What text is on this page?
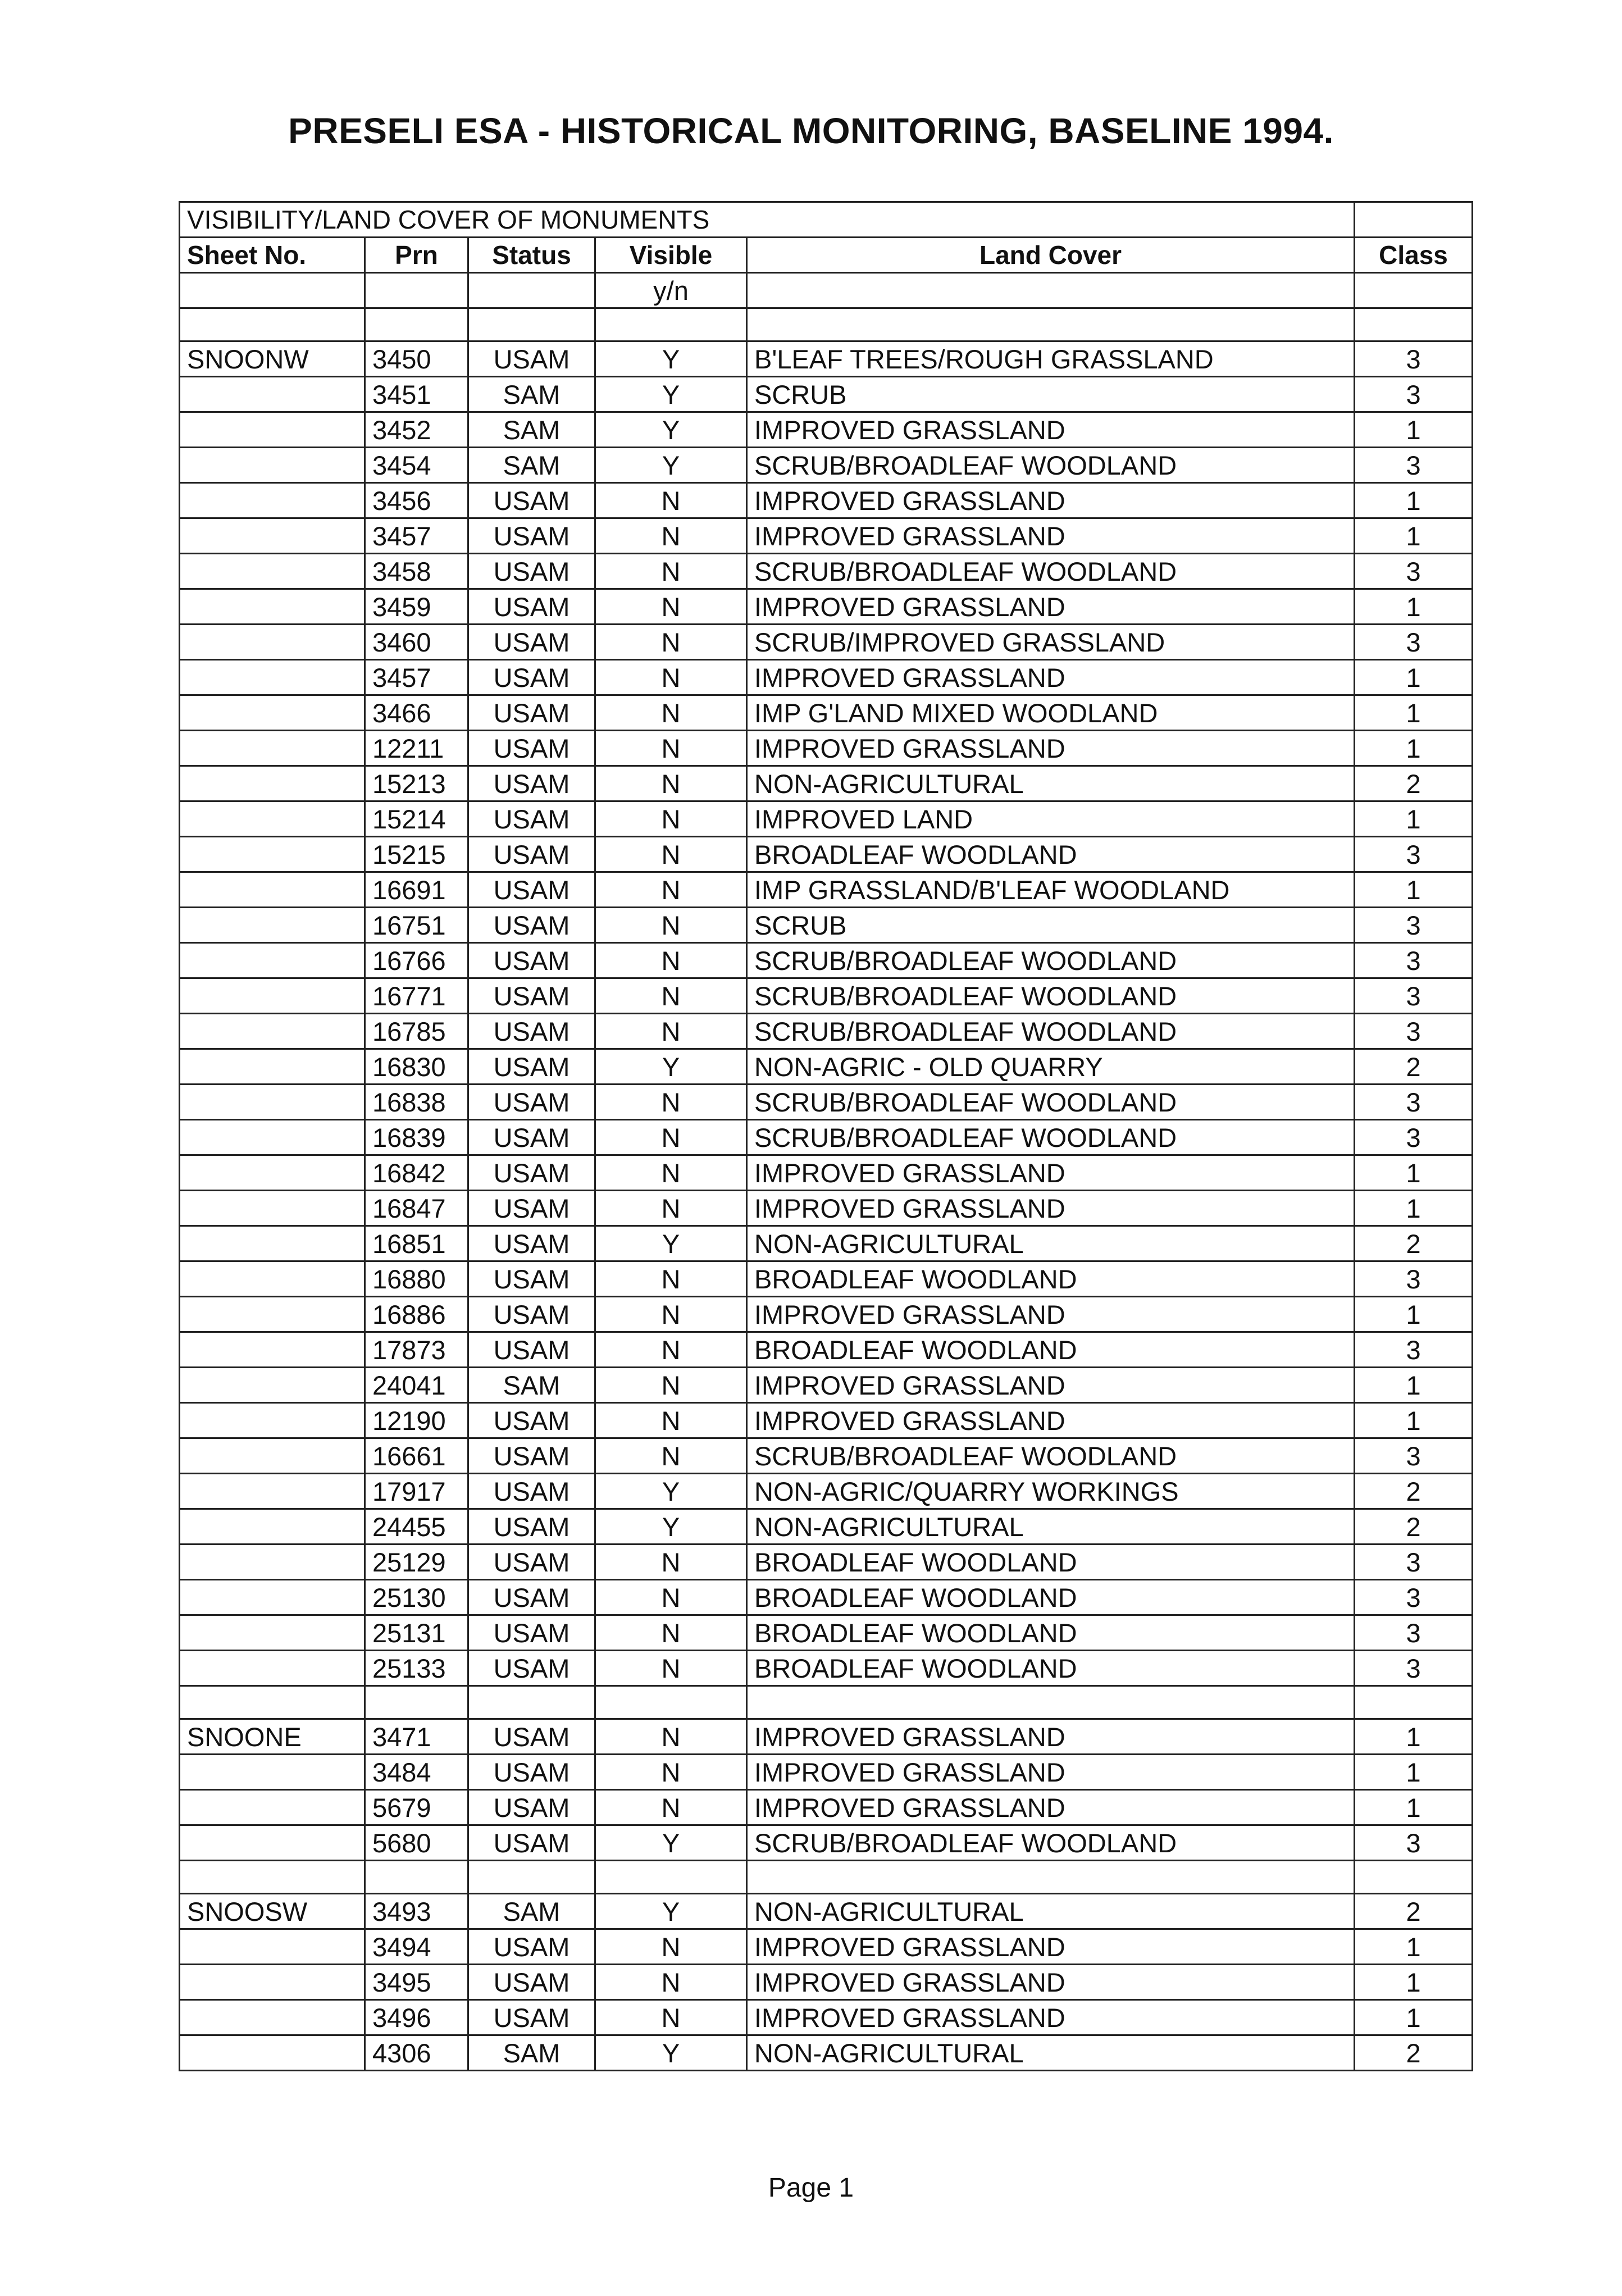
PRESELI ESA - HISTORICAL MONITORING, BASELINE 1994.
VISIBILITY/LAND COVER OF MONUMENTS					
Sheet No.	Prn	Status	Visible	Land Cover	Class
			y/n		

SNOONW	3450	USAM	Y	B'LEAF TREES/ROUGH GRASSLAND	3
	3451	SAM	Y	SCRUB	3
	3452	SAM	Y	IMPROVED GRASSLAND	1
	3454	SAM	Y	SCRUB/BROADLEAF WOODLAND	3
	3456	USAM	N	IMPROVED GRASSLAND	1
	3457	USAM	N	IMPROVED GRASSLAND	1
	3458	USAM	N	SCRUB/BROADLEAF WOODLAND	3
	3459	USAM	N	IMPROVED GRASSLAND	1
	3460	USAM	N	SCRUB/IMPROVED GRASSLAND	3
	3457	USAM	N	IMPROVED GRASSLAND	1
	3466	USAM	N	IMP G'LAND MIXED WOODLAND	1
	12211	USAM	N	IMPROVED GRASSLAND	1
	15213	USAM	N	NON-AGRICULTURAL	2
	15214	USAM	N	IMPROVED LAND	1
	15215	USAM	N	BROADLEAF WOODLAND	3
	16691	USAM	N	IMP GRASSLAND/B'LEAF WOODLAND	1
	16751	USAM	N	SCRUB	3
	16766	USAM	N	SCRUB/BROADLEAF WOODLAND	3
	16771	USAM	N	SCRUB/BROADLEAF WOODLAND	3
	16785	USAM	N	SCRUB/BROADLEAF WOODLAND	3
	16830	USAM	Y	NON-AGRIC - OLD QUARRY	2
	16838	USAM	N	SCRUB/BROADLEAF WOODLAND	3
	16839	USAM	N	SCRUB/BROADLEAF WOODLAND	3
	16842	USAM	N	IMPROVED GRASSLAND	1
	16847	USAM	N	IMPROVED GRASSLAND	1
	16851	USAM	Y	NON-AGRICULTURAL	2
	16880	USAM	N	BROADLEAF WOODLAND	3
	16886	USAM	N	IMPROVED GRASSLAND	1
	17873	USAM	N	BROADLEAF WOODLAND	3
	24041	SAM	N	IMPROVED GRASSLAND	1
	12190	USAM	N	IMPROVED GRASSLAND	1
	16661	USAM	N	SCRUB/BROADLEAF WOODLAND	3
	17917	USAM	Y	NON-AGRIC/QUARRY WORKINGS	2
	24455	USAM	Y	NON-AGRICULTURAL	2
	25129	USAM	N	BROADLEAF WOODLAND	3
	25130	USAM	N	BROADLEAF WOODLAND	3
	25131	USAM	N	BROADLEAF WOODLAND	3
	25133	USAM	N	BROADLEAF WOODLAND	3

SNOONE	3471	USAM	N	IMPROVED GRASSLAND	1
	3484	USAM	N	IMPROVED GRASSLAND	1
	5679	USAM	N	IMPROVED GRASSLAND	1
	5680	USAM	Y	SCRUB/BROADLEAF WOODLAND	3

SNOOSW	3493	SAM	Y	NON-AGRICULTURAL	2
	3494	USAM	N	IMPROVED GRASSLAND	1
	3495	USAM	N	IMPROVED GRASSLAND	1
	3496	USAM	N	IMPROVED GRASSLAND	1
	4306	SAM	Y	NON-AGRICULTURAL	2
Page 1
